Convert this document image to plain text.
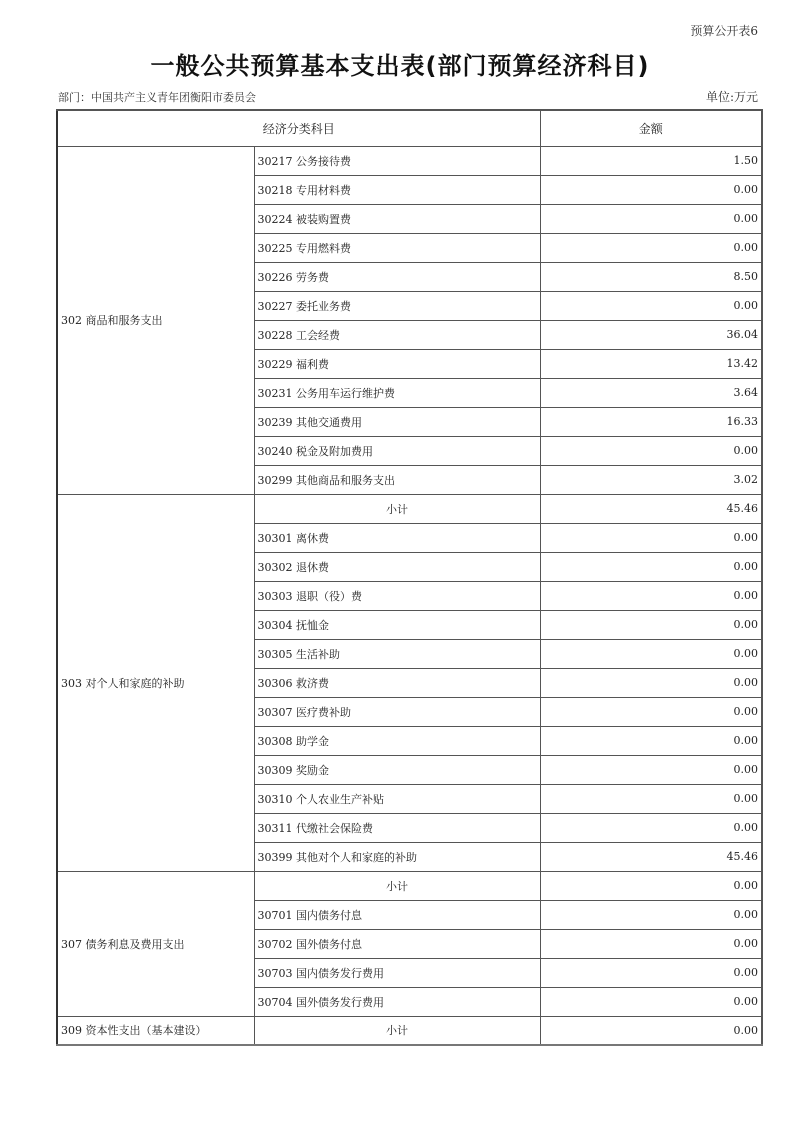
预算公开表6
一般公共预算基本支出表(部门预算经济科目)
部门：中国共产主义青年团衡阳市委员会	单位:万元
经济分类科目		金额
302 商品和服务支出	30217 公务接待费	1.50
	30218 专用材料费	0.00
	30224 被装购置费	0.00
	30225 专用燃料费	0.00
	30226 劳务费	8.50
	30227 委托业务费	0.00
	30228 工会经费	36.04
	30229 福利费	13.42
	30231 公务用车运行维护费	3.64
	30239 其他交通费用	16.33
	30240 税金及附加费用	0.00
	30299 其他商品和服务支出	3.02
303 对个人和家庭的补助	小计	45.46
	30301 离休费	0.00
	30302 退休费	0.00
	30303 退职（役）费	0.00
	30304 抚恤金	0.00
	30305 生活补助	0.00
	30306 救济费	0.00
	30307 医疗费补助	0.00
	30308 助学金	0.00
	30309 奖励金	0.00
	30310 个人农业生产补贴	0.00
	30311 代缴社会保险费	0.00
	30399 其他对个人和家庭的补助	45.46
307 债务利息及费用支出	小计	0.00
	30701 国内债务付息	0.00
	30702 国外债务付息	0.00
	30703 国内债务发行费用	0.00
	30704 国外债务发行费用	0.00
309 资本性支出（基本建设）	小计	0.00
